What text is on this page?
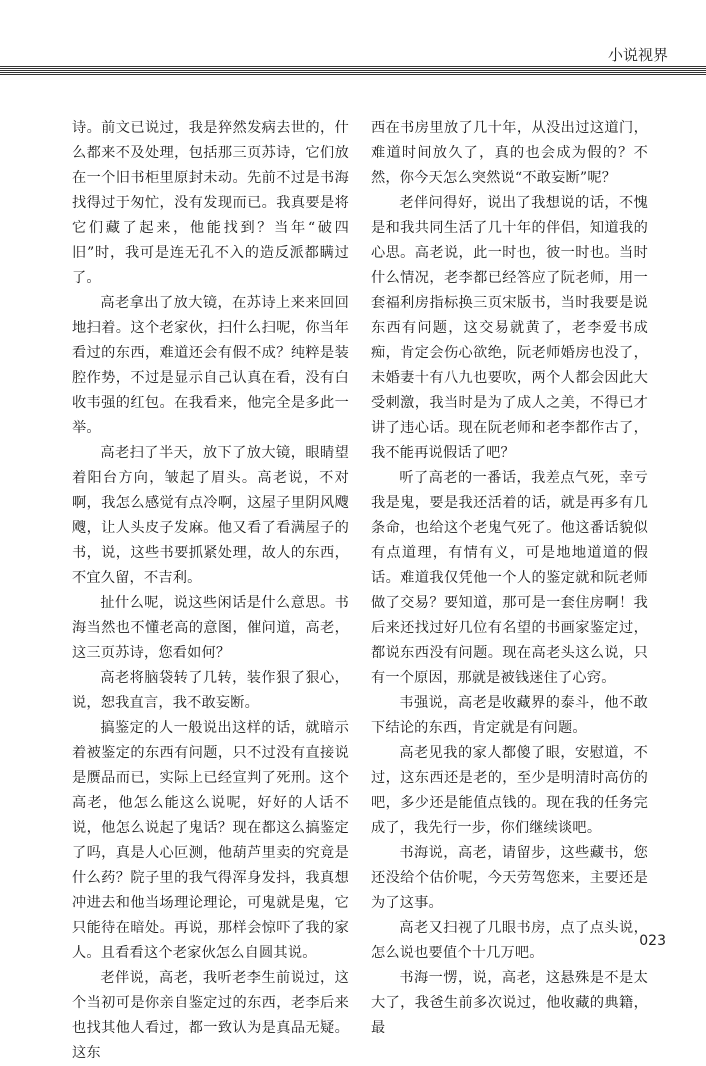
小说视界

诗。前文已说过，我是猝然发病去世的，什么都来不及处理，包括那三页苏诗，它们放在一个旧书柜里原封未动。先前不过是书海找得过于匆忙，没有发现而已。我真要是将它们藏了起来，他能找到？当年“破四旧”时，我可是连无孔不入的造反派都瞒过了。

高老拿出了放大镜，在苏诗上来来回回地扫着。这个老家伙，扫什么扫呢，你当年看过的东西，难道还会有假不成？纯粹是装腔作势，不过是显示自己认真在看，没有白收韦强的红包。在我看来，他完全是多此一举。

高老扫了半天，放下了放大镜，眼睛望着阳台方向，皱起了眉头。高老说，不对啊，我怎么感觉有点冷啊，这屋子里阴风飕飕，让人头皮子发麻。他又看了看满屋子的书，说，这些书要抓紧处理，故人的东西，不宜久留，不吉利。

扯什么呢，说这些闲话是什么意思。书海当然也不懂老高的意图，催问道，高老，这三页苏诗，您看如何？

高老将脑袋转了几转，装作狠了狠心，说，恕我直言，我不敢妄断。

搞鉴定的人一般说出这样的话，就暗示着被鉴定的东西有问题，只不过没有直接说是赝品而已，实际上已经宣判了死刑。这个高老，他怎么能这么说呢，好好的人话不说，他怎么说起了鬼话？现在都这么搞鉴定了吗，真是人心叵测，他葫芦里卖的究竟是什么药？院子里的我气得浑身发抖，我真想冲进去和他当场理论理论，可鬼就是鬼，它只能待在暗处。再说，那样会惊吓了我的家人。且看看这个老家伙怎么自圆其说。

老伴说，高老，我听老李生前说过，这个当初可是你亲自鉴定过的东西，老李后来也找其他人看过，都一致认为是真品无疑。这东

西在书房里放了几十年，从没出过这道门，难道时间放久了，真的也会成为假的？不然，你今天怎么突然说“不敢妄断”呢？

老伴问得好，说出了我想说的话，不愧是和我共同生活了几十年的伴侣，知道我的心思。高老说，此一时也，彼一时也。当时什么情况，老李都已经答应了阮老师，用一套福利房指标换三页宋版书，当时我要是说东西有问题，这交易就黄了，老李爱书成痴，肯定会伤心欲绝，阮老师婚房也没了，未婚妻十有八九也要吹，两个人都会因此大受刺激，我当时是为了成人之美，不得已才讲了违心话。现在阮老师和老李都作古了，我不能再说假话了吧？

听了高老的一番话，我差点气死，幸亏我是鬼，要是我还活着的话，就是再多有几条命，也给这个老鬼气死了。他这番话貌似有点道理，有情有义，可是地地道道的假话。难道我仅凭他一个人的鉴定就和阮老师做了交易？要知道，那可是一套住房啊！我后来还找过好几位有名望的书画家鉴定过，都说东西没有问题。现在高老头这么说，只有一个原因，那就是被钱迷住了心窍。

韦强说，高老是收藏界的泰斗，他不敢下结论的东西，肯定就是有问题。

高老见我的家人都傻了眼，安慰道，不过，这东西还是老的，至少是明清时高仿的吧，多少还是能值点钱的。现在我的任务完成了，我先行一步，你们继续谈吧。

书海说，高老，请留步，这些藏书，您还没给个估价呢，今天劳驾您来，主要还是为了这事。

高老又扫视了几眼书房，点了点头说，怎么说也要值个十几万吧。

书海一愣，说，高老，这悬殊是不是太大了，我爸生前多次说过，他收藏的典籍，最

023
